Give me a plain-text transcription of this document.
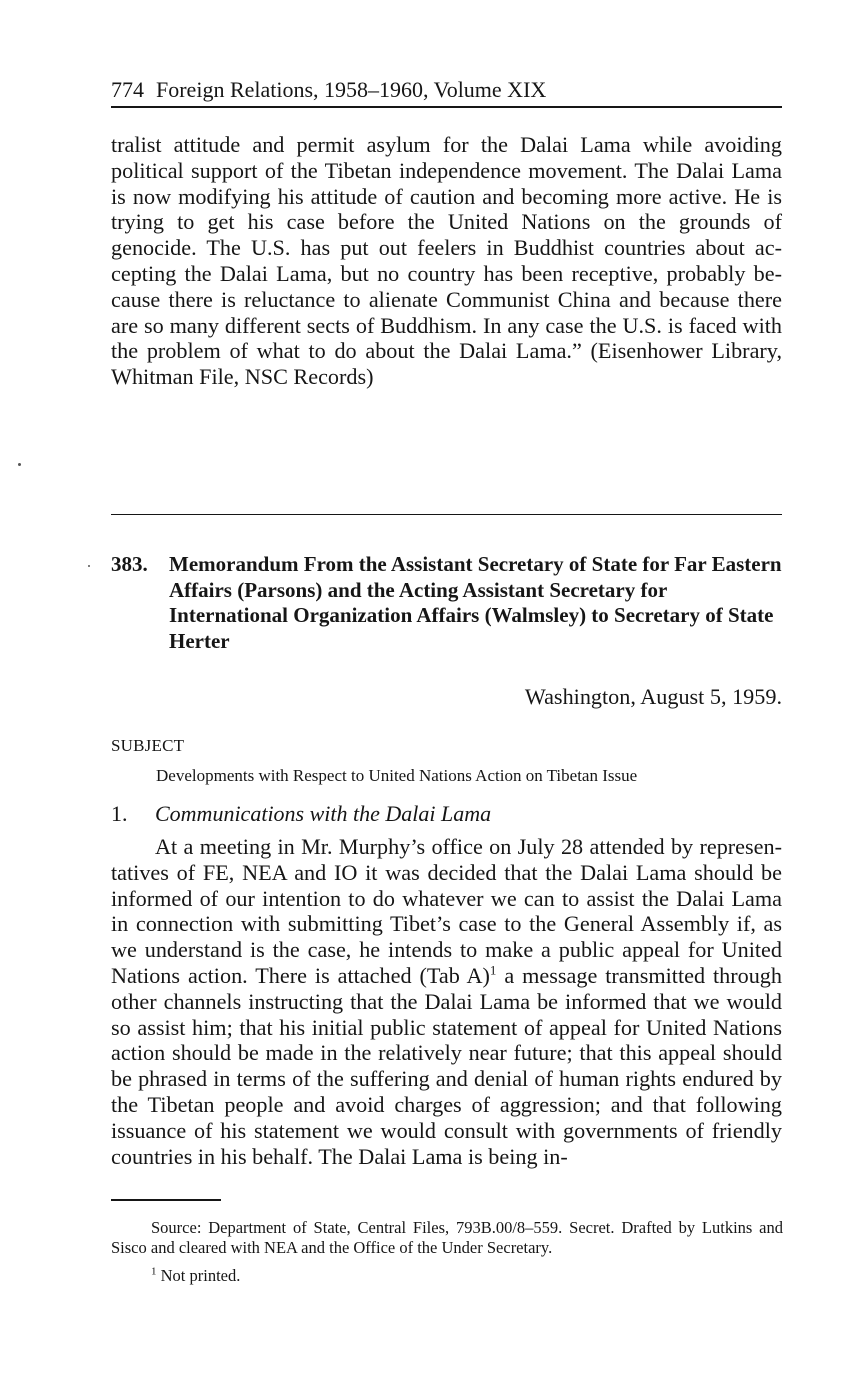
774 Foreign Relations, 1958–1960, Volume XIX
tralist attitude and permit asylum for the Dalai Lama while avoiding political support of the Tibetan independence movement. The Dalai Lama is now modifying his attitude of caution and becoming more active. He is trying to get his case before the United Nations on the grounds of genocide. The U.S. has put out feelers in Buddhist countries about accepting the Dalai Lama, but no country has been receptive, probably because there is reluctance to alienate Communist China and because there are so many different sects of Buddhism. In any case the U.S. is faced with the problem of what to do about the Dalai Lama.” (Eisenhower Library, Whitman File, NSC Records)
383. Memorandum From the Assistant Secretary of State for Far Eastern Affairs (Parsons) and the Acting Assistant Secretary for International Organization Affairs (Walmsley) to Secretary of State Herter
Washington, August 5, 1959.
SUBJECT
Developments with Respect to United Nations Action on Tibetan Issue
1. Communications with the Dalai Lama
At a meeting in Mr. Murphy’s office on July 28 attended by representatives of FE, NEA and IO it was decided that the Dalai Lama should be informed of our intention to do whatever we can to assist the Dalai Lama in connection with submitting Tibet’s case to the General Assembly if, as we understand is the case, he intends to make a public appeal for United Nations action. There is attached (Tab A)$^1$ a message transmitted through other channels instructing that the Dalai Lama be informed that we would so assist him; that his initial public statement of appeal for United Nations action should be made in the relatively near future; that this appeal should be phrased in terms of the suffering and denial of human rights endured by the Tibetan people and avoid charges of aggression; and that following issuance of his statement we would consult with governments of friendly countries in his behalf. The Dalai Lama is being in-
Source: Department of State, Central Files, 793B.00/8–559. Secret. Drafted by Lutkins and Sisco and cleared with NEA and the Office of the Under Secretary.
$^1$ Not printed.
